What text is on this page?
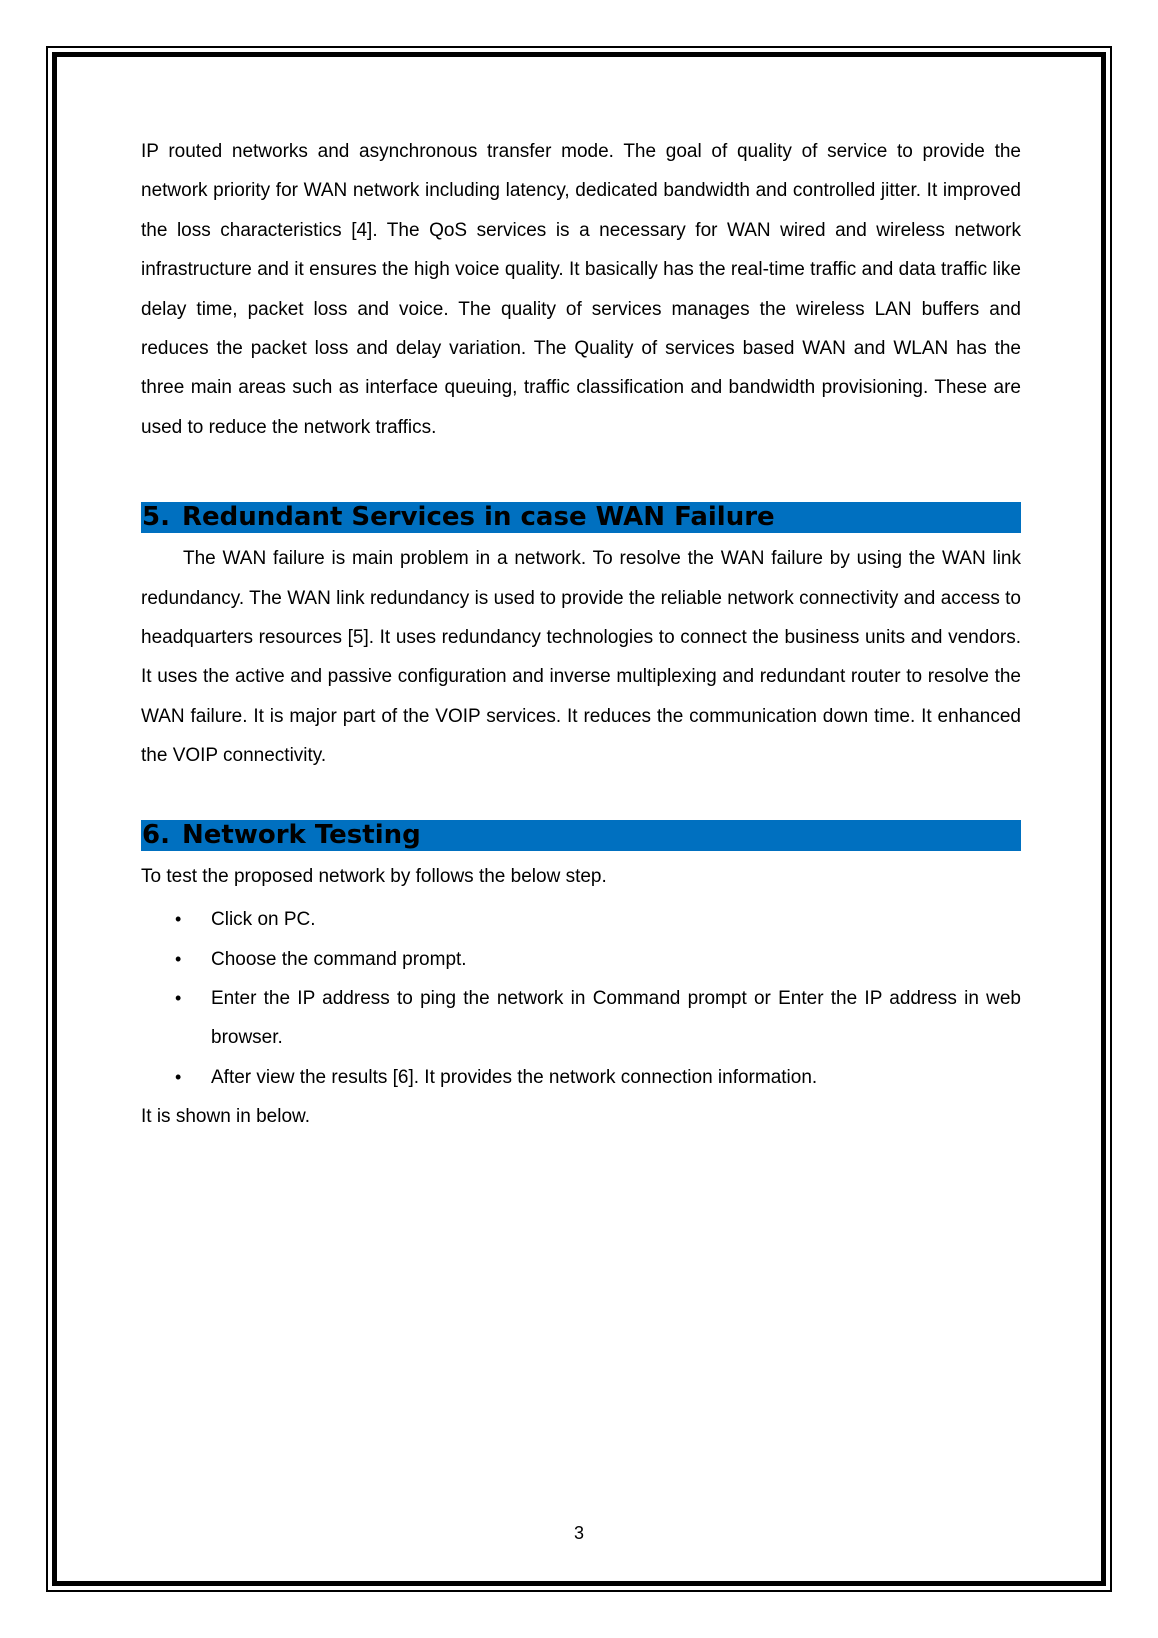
IP routed networks and asynchronous transfer mode. The goal of quality of service to provide the network priority for WAN network including latency, dedicated bandwidth and controlled jitter. It improved the loss characteristics [4]. The QoS services is a necessary for WAN wired and wireless network infrastructure and it ensures the high voice quality. It basically has the real-time traffic and data traffic like delay time, packet loss and voice. The quality of services manages the wireless LAN buffers and reduces the packet loss and delay variation. The Quality of services based WAN and WLAN has the three main areas such as interface queuing, traffic classification and bandwidth provisioning. These are used to reduce the network traffics.

5. Redundant Services in case WAN Failure

The WAN failure is main problem in a network. To resolve the WAN failure by using the WAN link redundancy. The WAN link redundancy is used to provide the reliable network connectivity and access to headquarters resources [5]. It uses redundancy technologies to connect the business units and vendors. It uses the active and passive configuration and inverse multiplexing and redundant router to resolve the WAN failure. It is major part of the VOIP services. It reduces the communication down time. It enhanced the VOIP connectivity.

6. Network Testing

To test the proposed network by follows the below step.

• Click on PC.
• Choose the command prompt.
• Enter the IP address to ping the network in Command prompt or Enter the IP address in web browser.
• After view the results [6]. It provides the network connection information.

It is shown in below.

3
